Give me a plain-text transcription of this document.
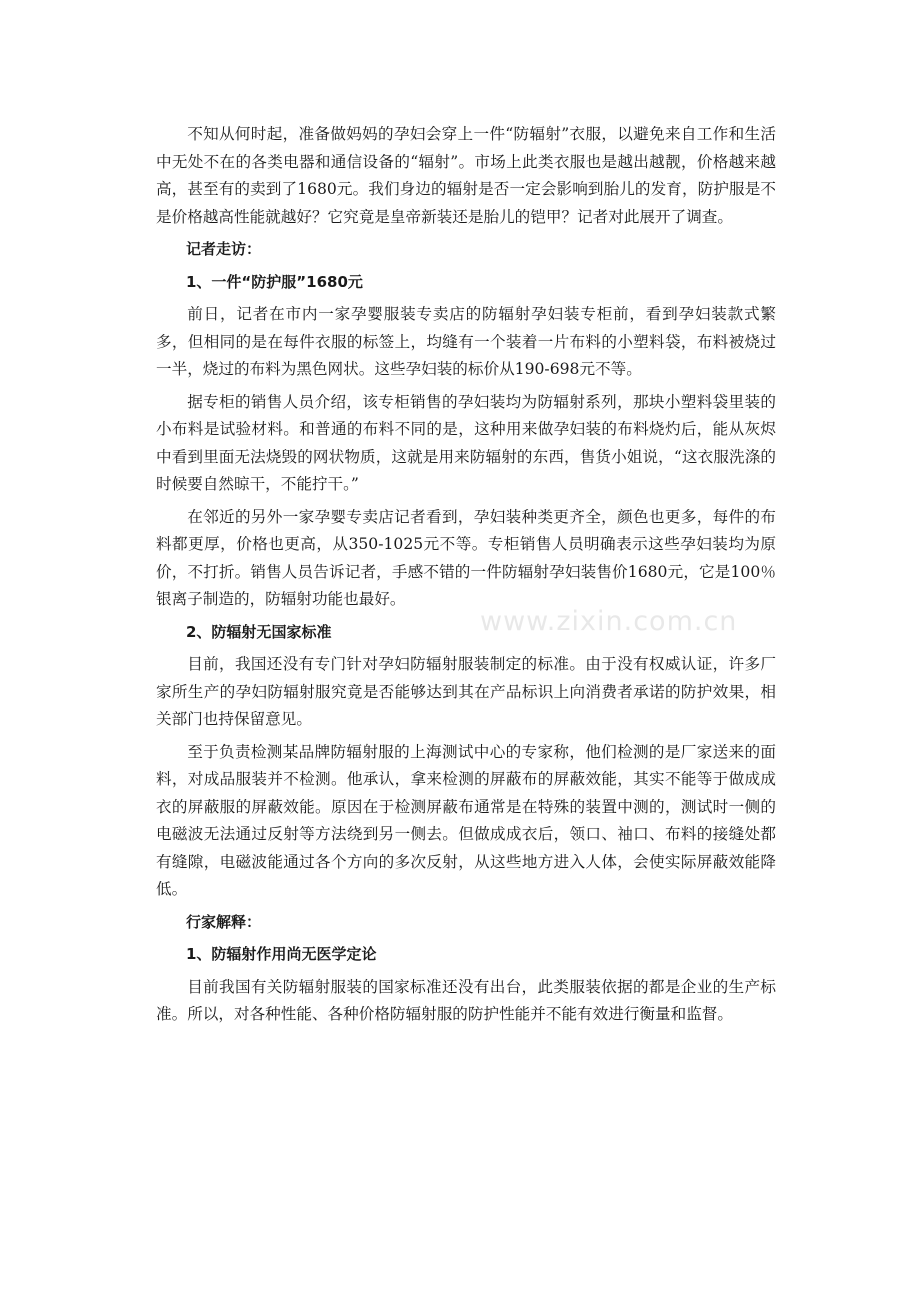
不知从何时起，准备做妈妈的孕妇会穿上一件“防辐射”衣服，以避免来自工作和生活中无处不在的各类电器和通信设备的“辐射”。市场上此类衣服也是越出越靓，价格越来越高，甚至有的卖到了1680元。我们身边的辐射是否一定会影响到胎儿的发育，防护服是不是价格越高性能就越好？它究竟是皇帝新装还是胎儿的铠甲？记者对此展开了调查。

记者走访：

1、一件“防护服”1680元

前日，记者在市内一家孕婴服装专卖店的防辐射孕妇装专柜前，看到孕妇装款式繁多，但相同的是在每件衣服的标签上，均缝有一个装着一片布料的小塑料袋，布料被烧过一半，烧过的布料为黑色网状。这些孕妇装的标价从190-698元不等。

据专柜的销售人员介绍，该专柜销售的孕妇装均为防辐射系列，那块小塑料袋里装的小布料是试验材料。和普通的布料不同的是，这种用来做孕妇装的布料烧灼后，能从灰烬中看到里面无法烧毁的网状物质，这就是用来防辐射的东西，售货小姐说，“这衣服洗涤的时候要自然晾干，不能拧干。”

在邻近的另外一家孕婴专卖店记者看到，孕妇装种类更齐全，颜色也更多，每件的布料都更厚，价格也更高，从350-1025元不等。专柜销售人员明确表示这些孕妇装均为原价，不打折。销售人员告诉记者，手感不错的一件防辐射孕妇装售价1680元，它是100％银离子制造的，防辐射功能也最好。

2、防辐射无国家标准

目前，我国还没有专门针对孕妇防辐射服装制定的标准。由于没有权威认证，许多厂家所生产的孕妇防辐射服究竟是否能够达到其在产品标识上向消费者承诺的防护效果，相关部门也持保留意见。

至于负责检测某品牌防辐射服的上海测试中心的专家称，他们检测的是厂家送来的面料，对成品服装并不检测。他承认，拿来检测的屏蔽布的屏蔽效能，其实不能等于做成成衣的屏蔽服的屏蔽效能。原因在于检测屏蔽布通常是在特殊的装置中测的，测试时一侧的电磁波无法通过反射等方法绕到另一侧去。但做成成衣后，领口、袖口、布料的接缝处都有缝隙，电磁波能通过各个方向的多次反射，从这些地方进入人体，会使实际屏蔽效能降低。

行家解释：

1、防辐射作用尚无医学定论

目前我国有关防辐射服装的国家标准还没有出台，此类服装依据的都是企业的生产标准。所以，对各种性能、各种价格防辐射服的防护性能并不能有效进行衡量和监督。

www.zixin.com.cn
